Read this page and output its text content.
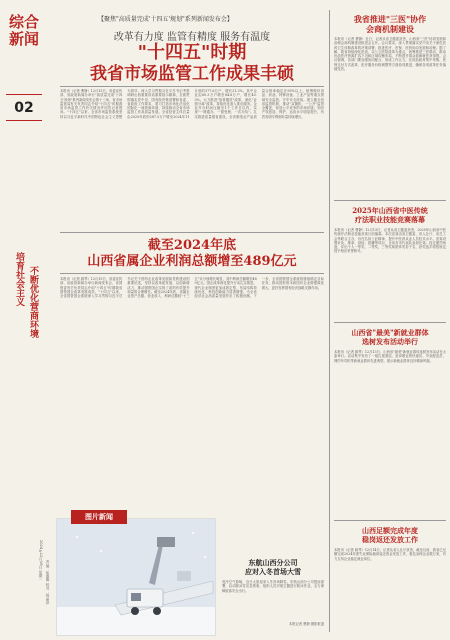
综合新闻
02
培育社会主义 不断优化营商环境
2024年12月16日 星期一 责编：崔盛卿 校对：杨丽萍
【聚焦"高质量完成'十四五'规划"系列新闻发布会】
改革有力度 监管有精度 服务有温度
"十四五"时期
我省市场监管工作成果丰硕
本报讯（记者 曹静）12月15日，省委宣传部、省政府新闻办举行"高质量完成'十四五'规划"系列新闻发布会第十三场，省市场监管局有关负责同志介绍"十四五"时期我省市场监管工作有关情况并回答记者提问。"十四五"以来，全省市场监管系统坚持以习近平新时代中国特色社会主义思想为指导，深入学习贯彻习近平总书记考察调研山西重要讲话重要指示精神，全面贯彻落实党中央、国务院决策部署和省委、省政府工作要求，着力打造市场化法治化国际化一流营商环境，持续推动全省市场监管工作高质量发展。全省经营主体总量由2020年底的287.5万户增至2024年11月底的377.6万户，增长31.3%。其中企业由60.3万户增至84.6万户，增长40.3%。大力推进"放管服效"改革，深化"证照分离"改革，持续优化准入准出服务。企业开办时间压缩至1个工作日以内，实现"一网通办、一窗受理、一次办结"。扎实推进质量强省建设，全省制造业产品质量合格率稳定在95%以上。统筹做好食品、药品、特种设备、工业产品等重点领域安全监管，守牢安全底线。建立健全信用监管机制，推动"双随机、一公开"监管全覆盖，营造公平竞争的市场环境。知识产权创造、保护、运用水平明显提升，有效发明专利拥有量持续增长。
我省推进"三医"协作
会商机制建设
本报讯（记者 曹静）近日，记者从省卫健委获悉，山西省"三医"协同发展和治理会商机制建设推进会召开。会议要求，深入贯彻落实党中央关于深化医药卫生体制改革的决策部署，推进医疗、医保、医药协同发展和治理。据了解，我省持续深化医改，以公立医院改革为重点，统筹推进三医联动，推动优质医疗资源扩容下沉和区域均衡布局，不断提升群众看病就医获得感。会议强调，各部门要加强协同配合，形成工作合力，在药品耗材集中采购、医保支付方式改革、医疗服务价格调整等方面协同推进，确保各项改革任务落地见效。
2025年山西省中医传统
疗法职业技能竞赛落幕
本报讯（记者 曹静）12月13日，记者从省卫健委获悉，2025年山西省中医传统疗法职业技能竞赛日前落幕。本次竞赛由省卫健委、省人社厅、省总工会等联合主办，旨在弘扬工匠精神，提升中医药从业人员技术水平。竞赛设置针灸、推拿、刮痧、拔罐等项目，全省各市代表队参加比赛。经过激烈角逐，评出个人一等奖、二等奖、三等奖和团体奖若干名，获奖选手将按规定授予相应荣誉称号。
山西省"最美"新就业群体
选树发布活动举行
本报讯（记者 姚琴）12月13日，山西省"最美"新就业群体选树发布活动在太原举行。活动集中发布了一批扎根基层、爱岗敬业的快递员、外卖配送员、网约车司机等新就业群体先进典型，展示新就业群体良好精神风貌。
山西足额完成年度
稳岗返还发放工作
本报讯（记者 姚琴）12月14日，记者从省人社厅获悉，截至目前，我省已足额完成2024年度失业保险稳岗返还资金发放工作，惠及参保企业数万家，有力支持企业稳定就业岗位。
截至2024年底
山西省属企业利润总额增至489亿元
本报讯（记者 姚琴）12月15日，省委宣传部、省政府新闻办举行新闻发布会，省国资委有关负责同志介绍"十四五"时期我省国资国企改革发展成效。"十四五"以来，全省国资国企系统深入学习贯彻习近平总书记关于国有企业改革发展和党的建设的重要论述，坚持以改革促发展，以创新增活力，推动国资国企实现了质的有效提升和量的合理增长。截至2024年底，省属企业资产总额、营业收入、利润总额较"十三五"末分别增长明显，其中利润总额增至489亿元。国企改革深化提升行动扎实推进，现代企业制度更加成熟定型，布局结构持续优化，科技创新能力显著增强，为全省经济社会高质量发展作出了积极贡献。下一步，全省国资国企系统将继续锚定目标任务，推动国有资本和国有企业做强做优做大，更好发挥国有经济战略支撑作用。
图片新闻
东航山西分公司
应对入冬首场大雪
受冷空气影响，近日太原迎来入冬首场降雪。东航山西分公司提前部署，启动除冰雪应急预案，组织人员对航空器进行除冰作业，全力保障旅客安全出行。
本报记者 曹静 摄影报道
